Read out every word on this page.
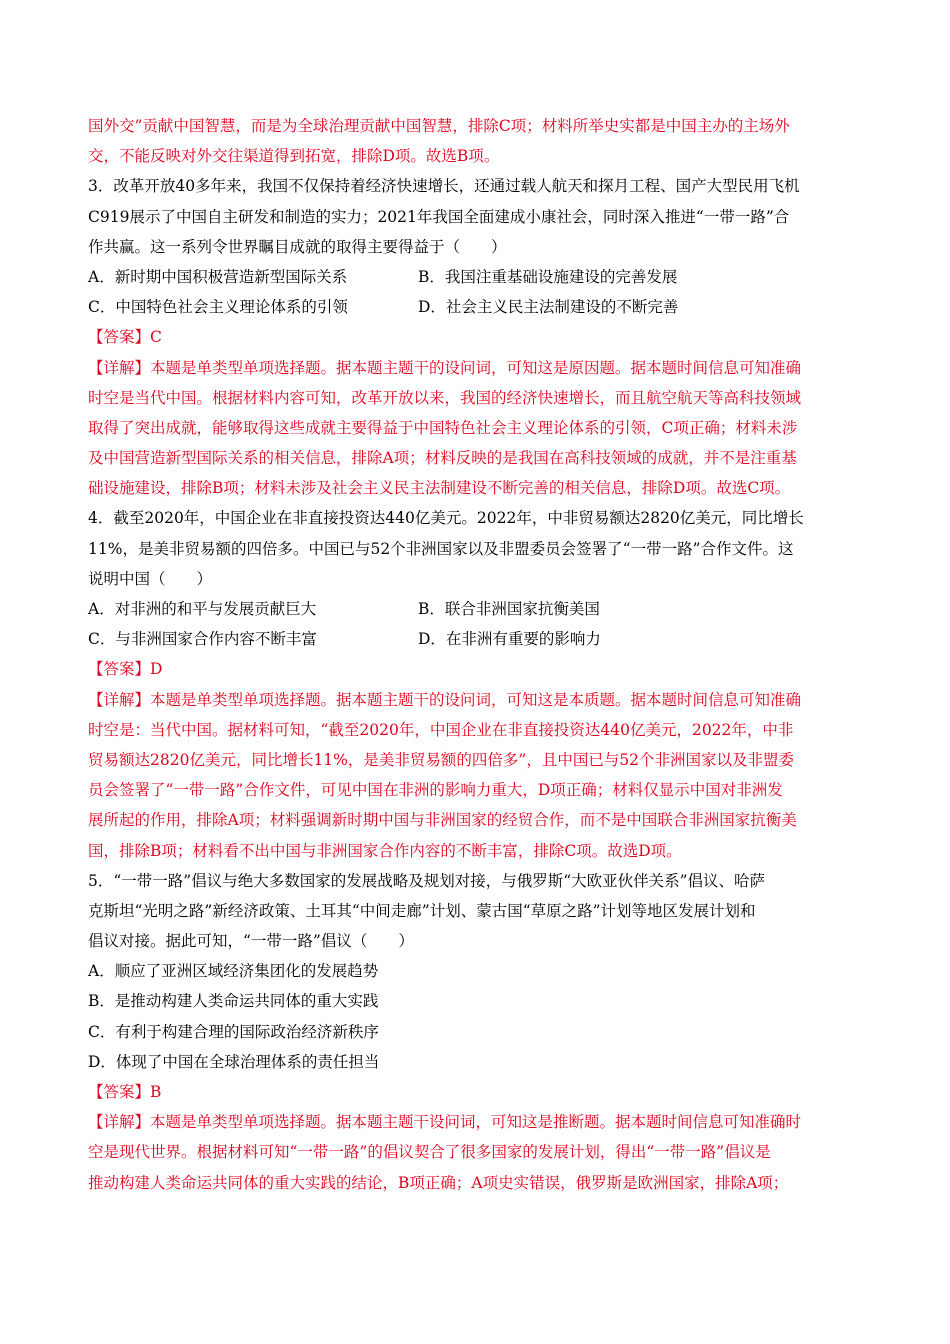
国外交”贡献中国智慧，而是为全球治理贡献中国智慧，排除C项；材料所举史实都是中国主办的主场外
交，不能反映对外交往渠道得到拓宽，排除D项。故选B项。
3．改革开放40多年来，我国不仅保持着经济快速增长，还通过载人航天和探月工程、国产大型民用飞机
C919展示了中国自主研发和制造的实力；2021年我国全面建成小康社会，同时深入推进“一带一路”合
作共赢。这一系列令世界瞩目成就的取得主要得益于（　　）
A．新时期中国积极营造新型国际关系	B．我国注重基础设施建设的完善发展
C．中国特色社会主义理论体系的引领	D．社会主义民主法制建设的不断完善
【答案】C
【详解】本题是单类型单项选择题。据本题主题干的设问词，可知这是原因题。据本题时间信息可知准确
时空是当代中国。根据材料内容可知，改革开放以来，我国的经济快速增长，而且航空航天等高科技领域
取得了突出成就，能够取得这些成就主要得益于中国特色社会主义理论体系的引领，C项正确；材料未涉
及中国营造新型国际关系的相关信息，排除A项；材料反映的是我国在高科技领域的成就，并不是注重基
础设施建设，排除B项；材料未涉及社会主义民主法制建设不断完善的相关信息，排除D项。故选C项。
4．截至2020年，中国企业在非直接投资达440亿美元。2022年，中非贸易额达2820亿美元，同比增长
11%，是美非贸易额的四倍多。中国已与52个非洲国家以及非盟委员会签署了“一带一路”合作文件。这
说明中国（　　）
A．对非洲的和平与发展贡献巨大	B．联合非洲国家抗衡美国
C．与非洲国家合作内容不断丰富	D．在非洲有重要的影响力
【答案】D
【详解】本题是单类型单项选择题。据本题主题干的设问词，可知这是本质题。据本题时间信息可知准确
时空是：当代中国。据材料可知，“截至2020年，中国企业在非直接投资达440亿美元，2022年，中非
贸易额达2820亿美元，同比增长11%，是美非贸易额的四倍多”，且中国已与52个非洲国家以及非盟委
员会签署了“一带一路”合作文件，可见中国在非洲的影响力重大，D项正确；材料仅显示中国对非洲发
展所起的作用，排除A项；材料强调新时期中国与非洲国家的经贸合作，而不是中国联合非洲国家抗衡美
国，排除B项；材料看不出中国与非洲国家合作内容的不断丰富，排除C项。故选D项。
5．“一带一路”倡议与绝大多数国家的发展战略及规划对接，与俄罗斯“大欧亚伙伴关系”倡议、哈萨
克斯坦“光明之路”新经济政策、土耳其“中间走廊”计划、蒙古国“草原之路”计划等地区发展计划和
倡议对接。据此可知，“一带一路”倡议（　　）
A．顺应了亚洲区域经济集团化的发展趋势
B．是推动构建人类命运共同体的重大实践
C．有利于构建合理的国际政治经济新秩序
D．体现了中国在全球治理体系的责任担当
【答案】B
【详解】本题是单类型单项选择题。据本题主题干设问词，可知这是推断题。据本题时间信息可知准确时
空是现代世界。根据材料可知“一带一路”的倡议契合了很多国家的发展计划，得出“一带一路”倡议是
推动构建人类命运共同体的重大实践的结论，B项正确；A项史实错误，俄罗斯是欧洲国家，排除A项；
